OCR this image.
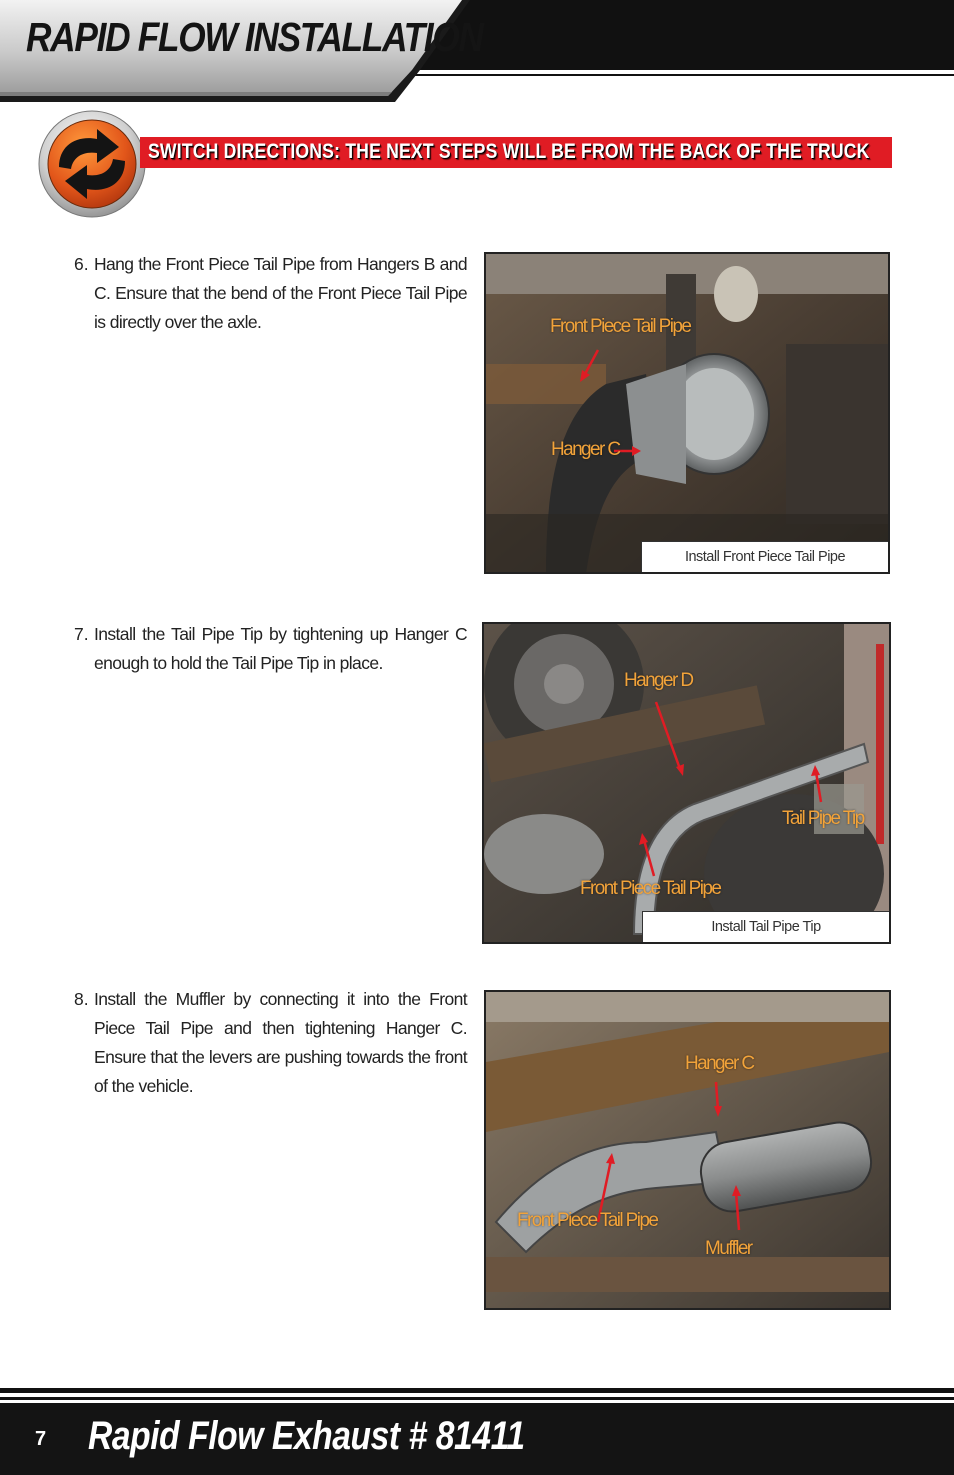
RAPID FLOW INSTALLATION
SWITCH DIRECTIONS: THE NEXT STEPS WILL BE FROM THE BACK OF THE TRUCK
6. Hang the Front Piece Tail Pipe from Hangers B and C. Ensure that the bend of the Front Piece Tail Pipe is directly over the axle.	Front Piece Tail Pipe
Hanger C
Install Front Piece Tail Pipe
7. Install the Tail Pipe Tip by tightening up Hanger C enough to hold the Tail Pipe Tip in place.
Hanger D
Tail Pipe Tip
Front Piece Tail Pipe
Install Tail Pipe Tip
8. Install the Muffler by connecting it into the Front Piece Tail Pipe and then tightening Hanger C. Ensure that the levers are pushing towards the front of the vehicle.
Hanger C
Front Piece Tail Pipe
Muffler
7 Rapid Flow Exhaust # 81411
